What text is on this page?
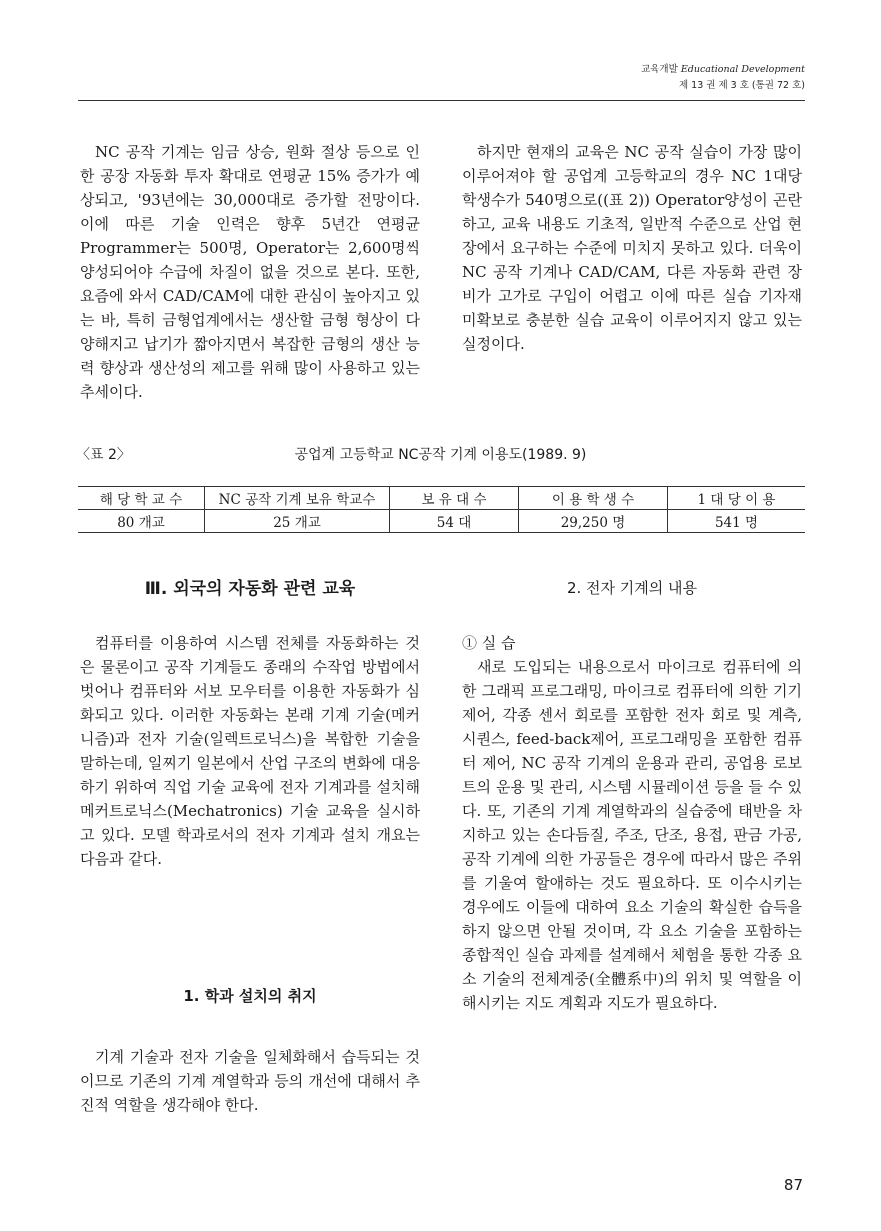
교육개발 Educational Development
제 13 권 제 3 호 (통권 72 호)

NC 공작 기계는 임금 상승, 원화 절상 등으로 인한 공장 자동화 투자 확대로 연평균 15% 증가가 예상되고, '93년에는 30,000대로 증가할 전망이다. 이에 따른 기술 인력은 향후 5년간 연평균 Programmer는 500명, Operator는 2,600명씩 양성되어야 수급에 차질이 없을 것으로 본다. 또한, 요즘에 와서 CAD/CAM에 대한 관심이 높아지고 있는 바, 특히 금형업계에서는 생산할 금형 형상이 다양해지고 납기가 짧아지면서 복잡한 금형의 생산 능력 향상과 생산성의 제고를 위해 많이 사용하고 있는 추세이다.

하지만 현재의 교육은 NC 공작 실습이 가장 많이 이루어져야 할 공업계 고등학교의 경우 NC 1대당 학생수가 540명으로((표 2)) Operator양성이 곤란하고, 교육 내용도 기초적, 일반적 수준으로 산업 현장에서 요구하는 수준에 미치지 못하고 있다. 더욱이 NC 공작 기계나 CAD/CAM, 다른 자동화 관련 장비가 고가로 구입이 어렵고 이에 따른 실습 기자재 미확보로 충분한 실습 교육이 이루어지지 않고 있는 실정이다.

〈표 2〉	공업계 고등학교 NC공작 기계 이용도(1989. 9)
해 당 학 교 수	NC 공작 기계 보유 학교수	보 유 대 수	이 용 학 생 수	1 대 당 이 용
80 개교	25 개교	54 대	29,250 명	541 명
Ⅲ. 외국의 자동화 관련 교육

컴퓨터를 이용하여 시스템 전체를 자동화하는 것은 물론이고 공작 기계들도 종래의 수작업 방법에서 벗어나 컴퓨터와 서보 모우터를 이용한 자동화가 심화되고 있다. 이러한 자동화는 본래 기계 기술(메커니즘)과 전자 기술(일렉트로닉스)을 복합한 기술을 말하는데, 일찌기 일본에서 산업 구조의 변화에 대응하기 위하여 직업 기술 교육에 전자 기계과를 설치해 메커트로닉스(Mechatronics) 기술 교육을 실시하고 있다. 모델 학과로서의 전자 기계과 설치 개요는 다음과 같다.

1. 학과 설치의 취지

기계 기술과 전자 기술을 일체화해서 습득되는 것이므로 기존의 기계 계열학과 등의 개선에 대해서 추진적 역할을 생각해야 한다.

2. 전자 기계의 내용

① 실 습

새로 도입되는 내용으로서 마이크로 컴퓨터에 의한 그래픽 프로그래밍, 마이크로 컴퓨터에 의한 기기 제어, 각종 센서 회로를 포함한 전자 회로 및 계측, 시퀀스, feed-back제어, 프로그래밍을 포함한 컴퓨터 제어, NC 공작 기계의 운용과 관리, 공업용 로보트의 운용 및 관리, 시스템 시뮬레이션 등을 들 수 있다. 또, 기존의 기계 계열학과의 실습중에 태반을 차지하고 있는 손다듬질, 주조, 단조, 용접, 판금 가공, 공작 기계에 의한 가공들은 경우에 따라서 많은 주위를 기울여 할애하는 것도 필요하다. 또 이수시키는 경우에도 이들에 대하여 요소 기술의 확실한 습득을 하지 않으면 안될 것이며, 각 요소 기술을 포함하는 종합적인 실습 과제를 설계해서 체험을 통한 각종 요소 기술의 전체계중(全體系中)의 위치 및 역할을 이해시키는 지도 계획과 지도가 필요하다.

87
